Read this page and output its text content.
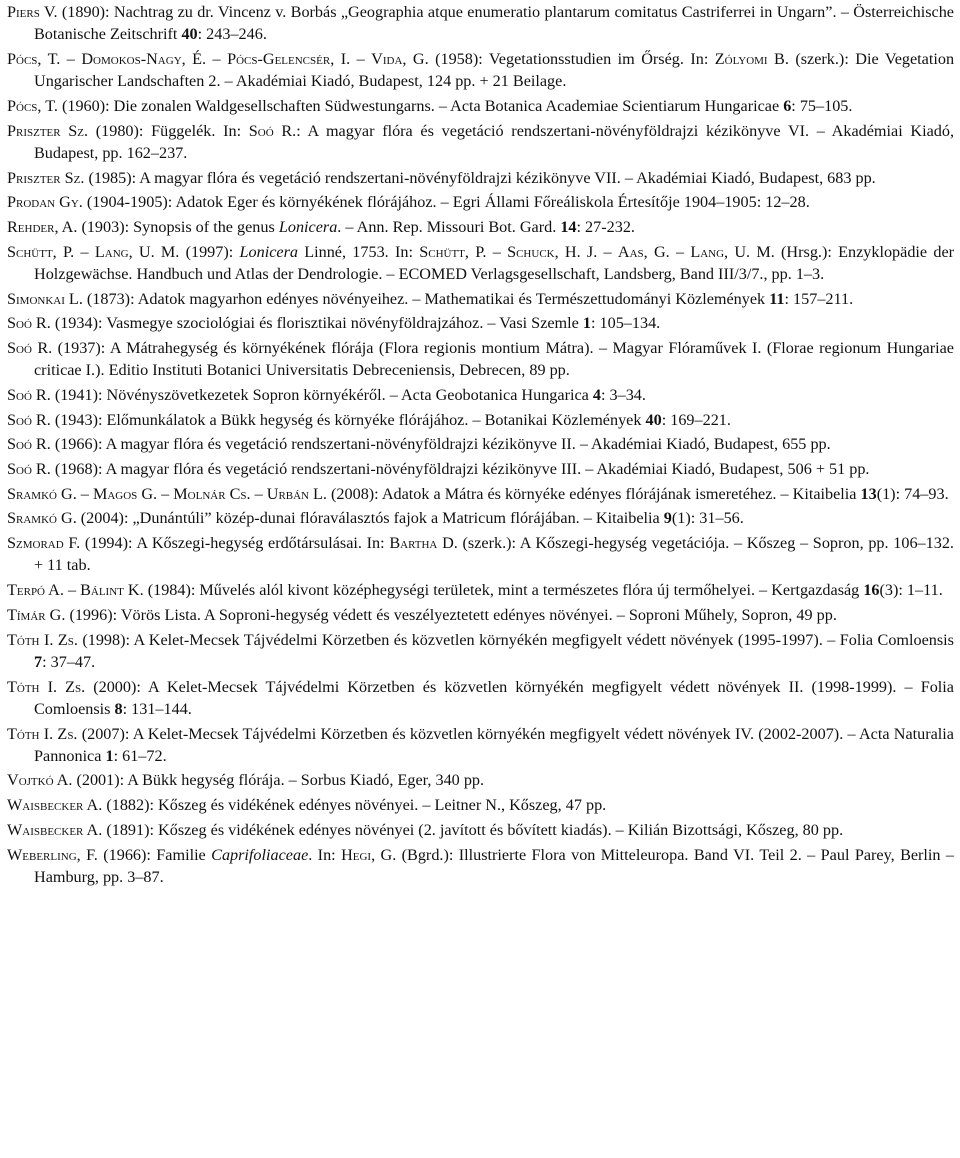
Piers V. (1890): Nachtrag zu dr. Vincenz v. Borbás „Geographia atque enumeratio plantarum comitatus Castriferrei in Ungarn”. – Österreichische Botanische Zeitschrift 40: 243–246.

Pócs, T. – Domokos-Nagy, É. – Pócs-Gelencsér, I. – Vida, G. (1958): Vegetationsstudien im Őrség. In: Zólyomi B. (szerk.): Die Vegetation Ungarischer Landschaften 2. – Akadémiai Kiadó, Budapest, 124 pp. + 21 Beilage.

Pócs, T. (1960): Die zonalen Waldgesellschaften Südwestungarns. – Acta Botanica Academiae Scientiarum Hungaricae 6: 75–105.

Priszter Sz. (1980): Függelék. In: Soó R.: A magyar flóra és vegetáció rendszertani-növényföldrajzi kézikönyve VI. – Akadémiai Kiadó, Budapest, pp. 162–237.

Priszter Sz. (1985): A magyar flóra és vegetáció rendszertani-növényföldrajzi kézikönyve VII. – Akadémiai Kiadó, Budapest, 683 pp.

Prodan Gy. (1904-1905): Adatok Eger és környékének flórájához. – Egri Állami Főreáliskola Értesítője 1904–1905: 12–28.

Rehder, A. (1903): Synopsis of the genus Lonicera. – Ann. Rep. Missouri Bot. Gard. 14: 27-232.

Schütt, P. – Lang, U. M. (1997): Lonicera Linné, 1753. In: Schütt, P. – Schuck, H. J. – Aas, G. – Lang, U. M. (Hrsg.): Enzyklopädie der Holzgewächse. Handbuch und Atlas der Dendrologie. – ECOMED Verlagsgesellschaft, Landsberg, Band III/3/7., pp. 1–3.

Simonkai L. (1873): Adatok magyarhon edényes növényeihez. – Mathematikai és Természettudományi Közlemények 11: 157–211.

Soó R. (1934): Vasmegye szociológiai és florisztikai növényföldrajzához. – Vasi Szemle 1: 105–134.

Soó R. (1937): A Mátrahegység és környékének flórája (Flora regionis montium Mátra). – Magyar Flóraművek I. (Florae regionum Hungariae criticae I.). Editio Instituti Botanici Universitatis Debreceniensis, Debrecen, 89 pp.

Soó R. (1941): Növényszövetkezetek Sopron környékéről. – Acta Geobotanica Hungarica 4: 3–34.

Soó R. (1943): Előmunkálatok a Bükk hegység és környéke flórájához. – Botanikai Közlemények 40: 169–221.

Soó R. (1966): A magyar flóra és vegetáció rendszertani-növényföldrajzi kézikönyve II. – Akadémiai Kiadó, Budapest, 655 pp.

Soó R. (1968): A magyar flóra és vegetáció rendszertani-növényföldrajzi kézikönyve III. – Akadémiai Kiadó, Budapest, 506 + 51 pp.

Sramkó G. – Magos G. – Molnár Cs. – Urbán L. (2008): Adatok a Mátra és környéke edényes flórájának ismeretéhez. – Kitaibelia 13(1): 74–93.

Sramkó G. (2004): „Dunántúli” közép-dunai flóraválasztós fajok a Matricum flórájában. – Kitaibelia 9(1): 31–56.

Szmorad F. (1994): A Kőszegi-hegység erdőtársulásai. In: Bartha D. (szerk.): A Kőszegi-hegység vegetációja. – Kőszeg – Sopron, pp. 106–132. + 11 tab.

Terpó A. – Bálint K. (1984): Művelés alól kivont középhegységi területek, mint a természetes flóra új termőhelyei. – Kertgazdaság 16(3): 1–11.

Tímár G. (1996): Vörös Lista. A Soproni-hegység védett és veszélyeztetett edényes növényei. – Soproni Műhely, Sopron, 49 pp.

Tóth I. Zs. (1998): A Kelet-Mecsek Tájvédelmi Körzetben és közvetlen környékén megfigyelt védett növények (1995-1997). – Folia Comloensis 7: 37–47.

Tóth I. Zs. (2000): A Kelet-Mecsek Tájvédelmi Körzetben és közvetlen környékén megfigyelt védett növények II. (1998-1999). – Folia Comloensis 8: 131–144.

Tóth I. Zs. (2007): A Kelet-Mecsek Tájvédelmi Körzetben és közvetlen környékén megfigyelt védett növények IV. (2002-2007). – Acta Naturalia Pannonica 1: 61–72.

Vojtkó A. (2001): A Bükk hegység flórája. – Sorbus Kiadó, Eger, 340 pp.

Waisbecker A. (1882): Kőszeg és vidékének edényes növényei. – Leitner N., Kőszeg, 47 pp.

Waisbecker A. (1891): Kőszeg és vidékének edényes növényei (2. javított és bővített kiadás). – Kilián Bizottsági, Kőszeg, 80 pp.

Weberling, F. (1966): Familie Caprifoliaceae. In: Hegi, G. (Bgrd.): Illustrierte Flora von Mitteleuropa. Band VI. Teil 2. – Paul Parey, Berlin – Hamburg, pp. 3–87.
